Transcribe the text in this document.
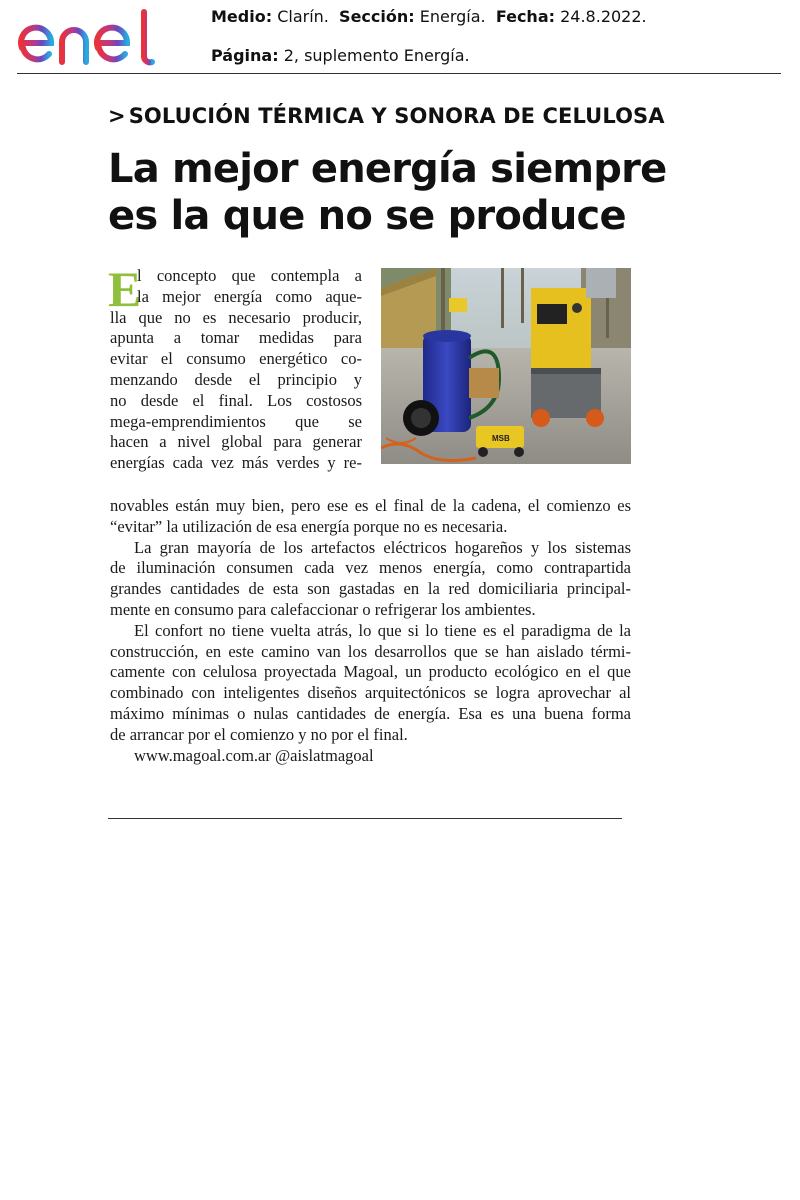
Medio: Clarín. Sección: Energía. Fecha: 24.8.2022.
Página: 2, suplemento Energía.
> SOLUCIÓN TÉRMICA Y SONORA DE CELULOSA
La mejor energía siempre
es la que no se produce
E
l concepto que contempla a
la mejor energía como aque-
lla que no es necesario producir,
apunta a tomar medidas para
evitar el consumo energético co-
menzando desde el principio y
no desde el final. Los costosos
mega-emprendimientos que se
hacen a nivel global para generar
energías cada vez más verdes y re-
MSB
novables están muy bien, pero ese es el final de la cadena, el comienzo es
“evitar” la utilización de esa energía porque no es necesaria.
La gran mayoría de los artefactos eléctricos hogareños y los sistemas
de iluminación consumen cada vez menos energía, como contrapartida
grandes cantidades de esta son gastadas en la red domiciliaria principal-
mente en consumo para calefaccionar o refrigerar los ambientes.
El confort no tiene vuelta atrás, lo que si lo tiene es el paradigma de la
construcción, en este camino van los desarrollos que se han aislado térmi-
camente con celulosa proyectada Magoal, un producto ecológico en el que
combinado con inteligentes diseños arquitectónicos se logra aprovechar al
máximo mínimas o nulas cantidades de energía. Esa es una buena forma
de arrancar por el comienzo y no por el final.
www.magoal.com.ar @aislatmagoal
